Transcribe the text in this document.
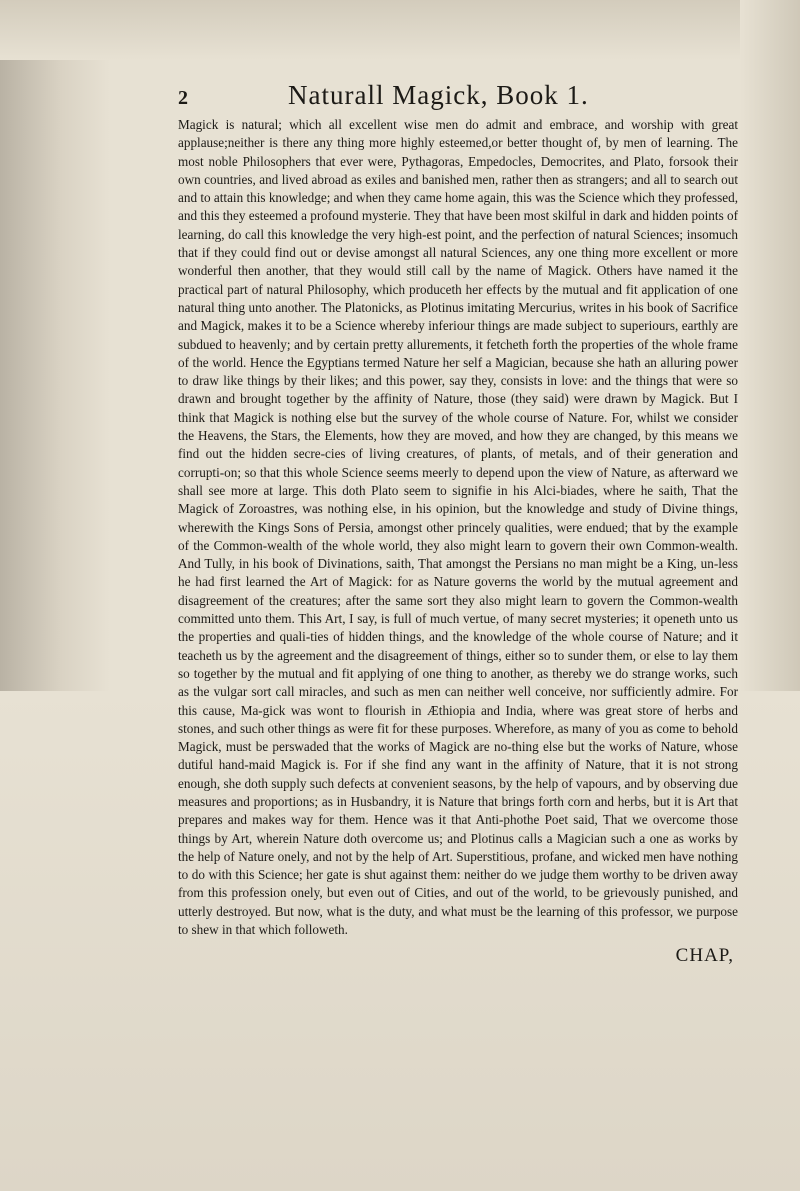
2	Naturall Magick, Book 1.
Magick is natural; which all excellent wise men do admit and embrace, and worship with great applause;neither is there any thing more highly esteemed,or better thought of, by men of learning. The most noble Philosophers that ever were, Pythagoras, Empedocles, Democrites, and Plato, forsook their own countries, and lived abroad as exiles and banished men, rather then as strangers; and all to search out and to attain this knowledge; and when they came home again, this was the Science which they professed, and this they esteemed a profound mysterie. They that have been most skilful in dark and hidden points of learning, do call this knowledge the very high-est point, and the perfection of natural Sciences; insomuch that if they could find out or devise amongst all natural Sciences, any one thing more excellent or more wonderful then another, that they would still call by the name of Magick. Others have named it the practical part of natural Philosophy, which produceth her effects by the mutual and fit application of one natural thing unto another. The Platonicks, as Plotinus imitating Mercurius, writes in his book of Sacrifice and Magick, makes it to be a Science whereby inferiour things are made subject to superiours, earthly are subdued to heavenly; and by certain pretty allurements, it fetcheth forth the properties of the whole frame of the world. Hence the Egyptians termed Nature her self a Magician, because she hath an alluring power to draw like things by their likes; and this power, say they, consists in love: and the things that were so drawn and brought together by the affinity of Nature, those (they said) were drawn by Magick. But I think that Magick is nothing else but the survey of the whole course of Nature. For, whilst we consider the Heavens, the Stars, the Elements, how they are moved, and how they are changed, by this means we find out the hidden secre-cies of living creatures, of plants, of metals, and of their generation and corrupti-on; so that this whole Science seems meerly to depend upon the view of Nature, as afterward we shall see more at large. This doth Plato seem to signifie in his Alci-biades, where he saith, That the Magick of Zoroastres, was nothing else, in his opinion, but the knowledge and study of Divine things, wherewith the Kings Sons of Persia, amongst other princely qualities, were endued; that by the example of the Common-wealth of the whole world, they also might learn to govern their own Common-wealth. And Tully, in his book of Divinations, saith, That amongst the Persians no man might be a King, un-less he had first learned the Art of Magick: for as Nature governs the world by the mutual agreement and disagreement of the creatures; after the same sort they also might learn to govern the Common-wealth committed unto them. This Art, I say, is full of much vertue, of many secret mysteries; it openeth unto us the properties and quali-ties of hidden things, and the knowledge of the whole course of Nature; and it teacheth us by the agreement and the disagreement of things, either so to sunder them, or else to lay them so together by the mutual and fit applying of one thing to another, as thereby we do strange works, such as the vulgar sort call miracles, and such as men can neither well conceive, nor sufficiently admire. For this cause, Ma-gick was wont to flourish in Æthiopia and India, where was great store of herbs and stones, and such other things as were fit for these purposes. Wherefore, as many of you as come to behold Magick, must be perswaded that the works of Magick are no-thing else but the works of Nature, whose dutiful hand-maid Magick is. For if she find any want in the affinity of Nature, that it is not strong enough, she doth supply such defects at convenient seasons, by the help of vapours, and by observing due measures and proportions; as in Husbandry, it is Nature that brings forth corn and herbs, but it is Art that prepares and makes way for them. Hence was it that Anti-phothe Poet said, That we overcome those things by Art, wherein Nature doth overcome us; and Plotinus calls a Magician such a one as works by the help of Nature onely, and not by the help of Art. Superstitious, profane, and wicked men have nothing to do with this Science; her gate is shut against them: neither do we judge them worthy to be driven away from this profession onely, but even out of Cities, and out of the world, to be grievously punished, and utterly destroyed. But now, what is the duty, and what must be the learning of this professor, we purpose to shew in that which followeth.
CHAP,
